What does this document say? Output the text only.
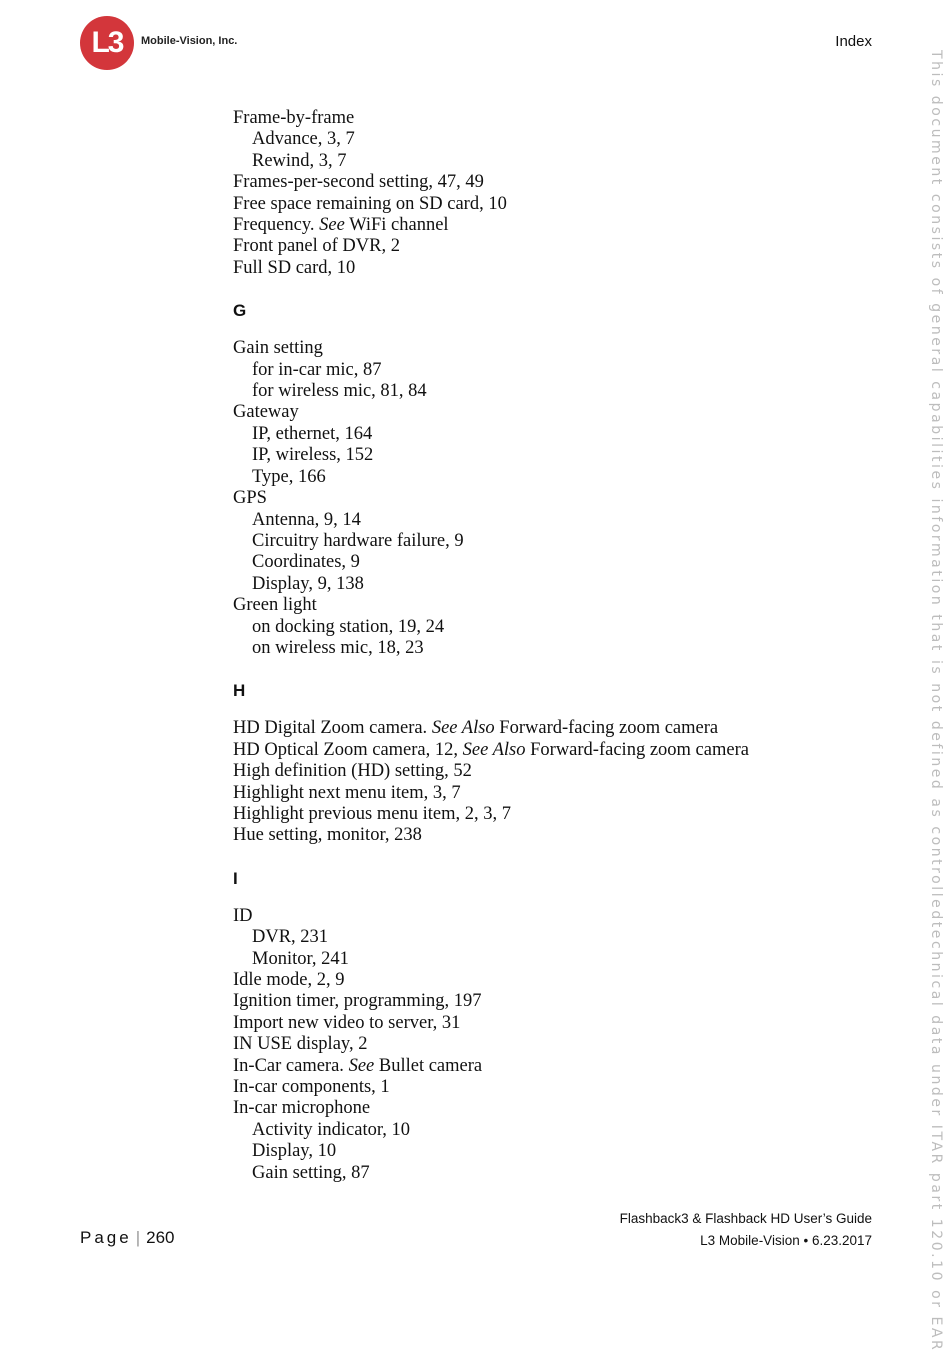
L3	Mobile-Vision, Inc.	Index
This document consists of general capabilities information that is not defined as controlledtechnical data under ITAR part 120.10 or EAR
Frame-by-frame
Advance, 3, 7
Rewind, 3, 7
Frames-per-second setting, 47, 49
Free space remaining on SD card, 10
Frequency. See WiFi channel
Front panel of DVR, 2
Full SD card, 10
G
Gain setting
for in-car mic, 87
for wireless mic, 81, 84
Gateway
IP, ethernet, 164
IP, wireless, 152
Type, 166
GPS
Antenna, 9, 14
Circuitry hardware failure, 9
Coordinates, 9
Display, 9, 138
Green light
on docking station, 19, 24
on wireless mic, 18, 23
H
HD Digital Zoom camera. See Also Forward-facing zoom camera
HD Optical Zoom camera, 12, See Also Forward-facing zoom camera
High definition (HD) setting, 52
Highlight next menu item, 3, 7
Highlight previous menu item, 2, 3, 7
Hue setting, monitor, 238
I
ID
DVR, 231
Monitor, 241
Idle mode, 2, 9
Ignition timer, programming, 197
Import new video to server, 31
IN USE display, 2
In-Car camera. See Bullet camera
In-car components, 1
In-car microphone
Activity indicator, 10
Display, 10
Gain setting, 87
Page | 260
Flashback3 & Flashback HD User’s Guide
L3 Mobile-Vision • 6.23.2017
